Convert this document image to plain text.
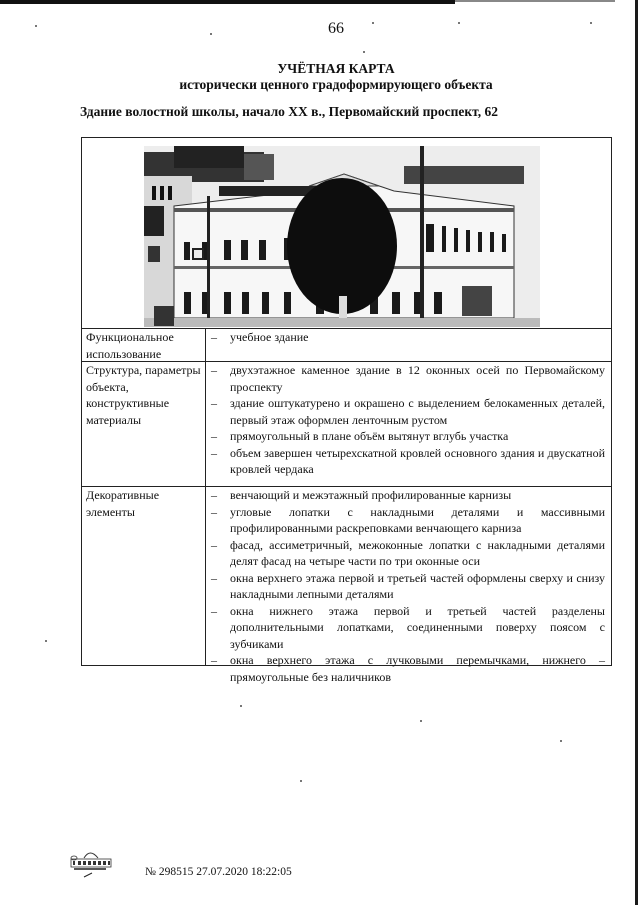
66
УЧЁТНАЯ КАРТА
исторически ценного градоформирующего объекта
Здание волостной школы, начало XX в., Первомайский проспект, 62
Функциональное использование
– учебное здание
Структура, параметры объекта, конструктивные материалы
– двухэтажное каменное здание в 12 оконных осей по Первомайскому проспекту
– здание оштукатурено и окрашено с выделением белокаменных деталей, первый этаж оформлен ленточным рустом
– прямоугольный в плане объём вытянут вглубь участка
– объем завершен четырехскатной кровлей основного здания и двускатной кровлей чердака
Декоративные элементы
– венчающий и межэтажный профилированные карнизы
– угловые лопатки с накладными деталями и массивными профилированными раскреповками венчающего карниза
– фасад, ассиметричный, межоконные лопатки с накладными деталями делят фасад на четыре части по три оконные оси
– окна верхнего этажа первой и третьей частей оформлены сверху и снизу накладными лепными деталями
– окна нижнего этажа первой и третьей частей разделены дополнительными лопатками, соединенными поверху поясом с зубчиками
– окна верхнего этажа с лучковыми перемычками, нижнего – прямоугольные без наличников
№ 298515 27.07.2020 18:22:05
